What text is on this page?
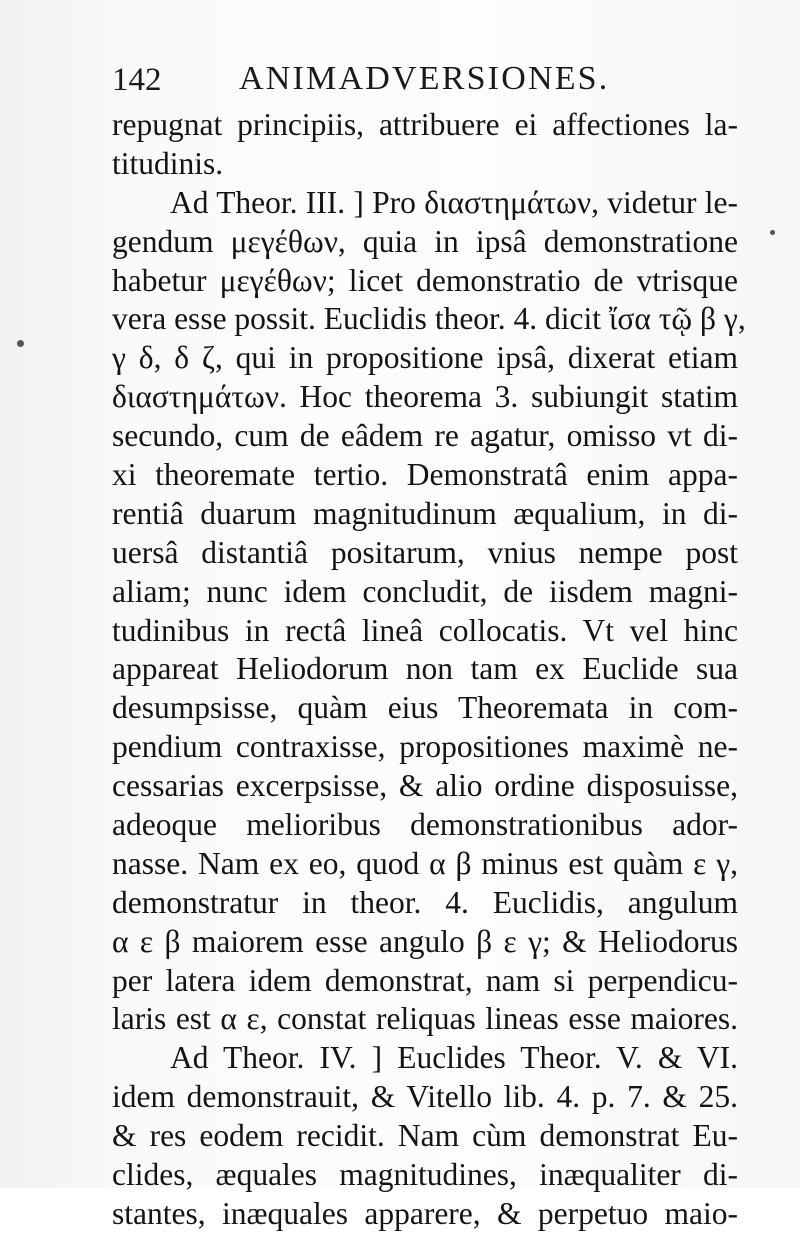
142 ANIMADVERSIONES.
repugnat principiis, attribuere ei affectiones la-
titudinis.
Ad Theor. III. ] Pro διαστημάτων, videtur le-
gendum μεγέθων, quia in ipsâ demonstratione
habetur μεγέθων; licet demonstratio de vtrisque
vera esse possit. Euclidis theor. 4. dicit ἴσα τῷ β γ,
γ δ, δ ζ, qui in propositione ipsâ, dixerat etiam
διαστημάτων. Hoc theorema 3. subiungit statim
secundo, cum de eâdem re agatur, omisso vt di-
xi theoremate tertio. Demonstratâ enim appa-
rentiâ duarum magnitudinum æqualium, in di-
uersâ distantiâ positarum, vnius nempe post
aliam; nunc idem concludit, de iisdem magni-
tudinibus in rectâ lineâ collocatis. Vt vel hinc
appareat Heliodorum non tam ex Euclide sua
desumpsisse, quàm eius Theoremata in com-
pendium contraxisse, propositiones maximè ne-
cessarias excerpsisse, & alio ordine disposuisse,
adeoque melioribus demonstrationibus ador-
nasse. Nam ex eo, quod α β minus est quàm ε γ,
demonstratur in theor. 4. Euclidis, angulum
α ε β maiorem esse angulo β ε γ; & Heliodorus
per latera idem demonstrat, nam si perpendicu-
laris est α ε, constat reliquas lineas esse maiores.
Ad Theor. IV. ] Euclides Theor. V. & VI.
idem demonstrauit, & Vitello lib. 4. p. 7. & 25.
& res eodem recidit. Nam cùm demonstrat Eu-
clides, æquales magnitudines, inæqualiter di-
stantes, inæquales apparere, & perpetuo maio-
